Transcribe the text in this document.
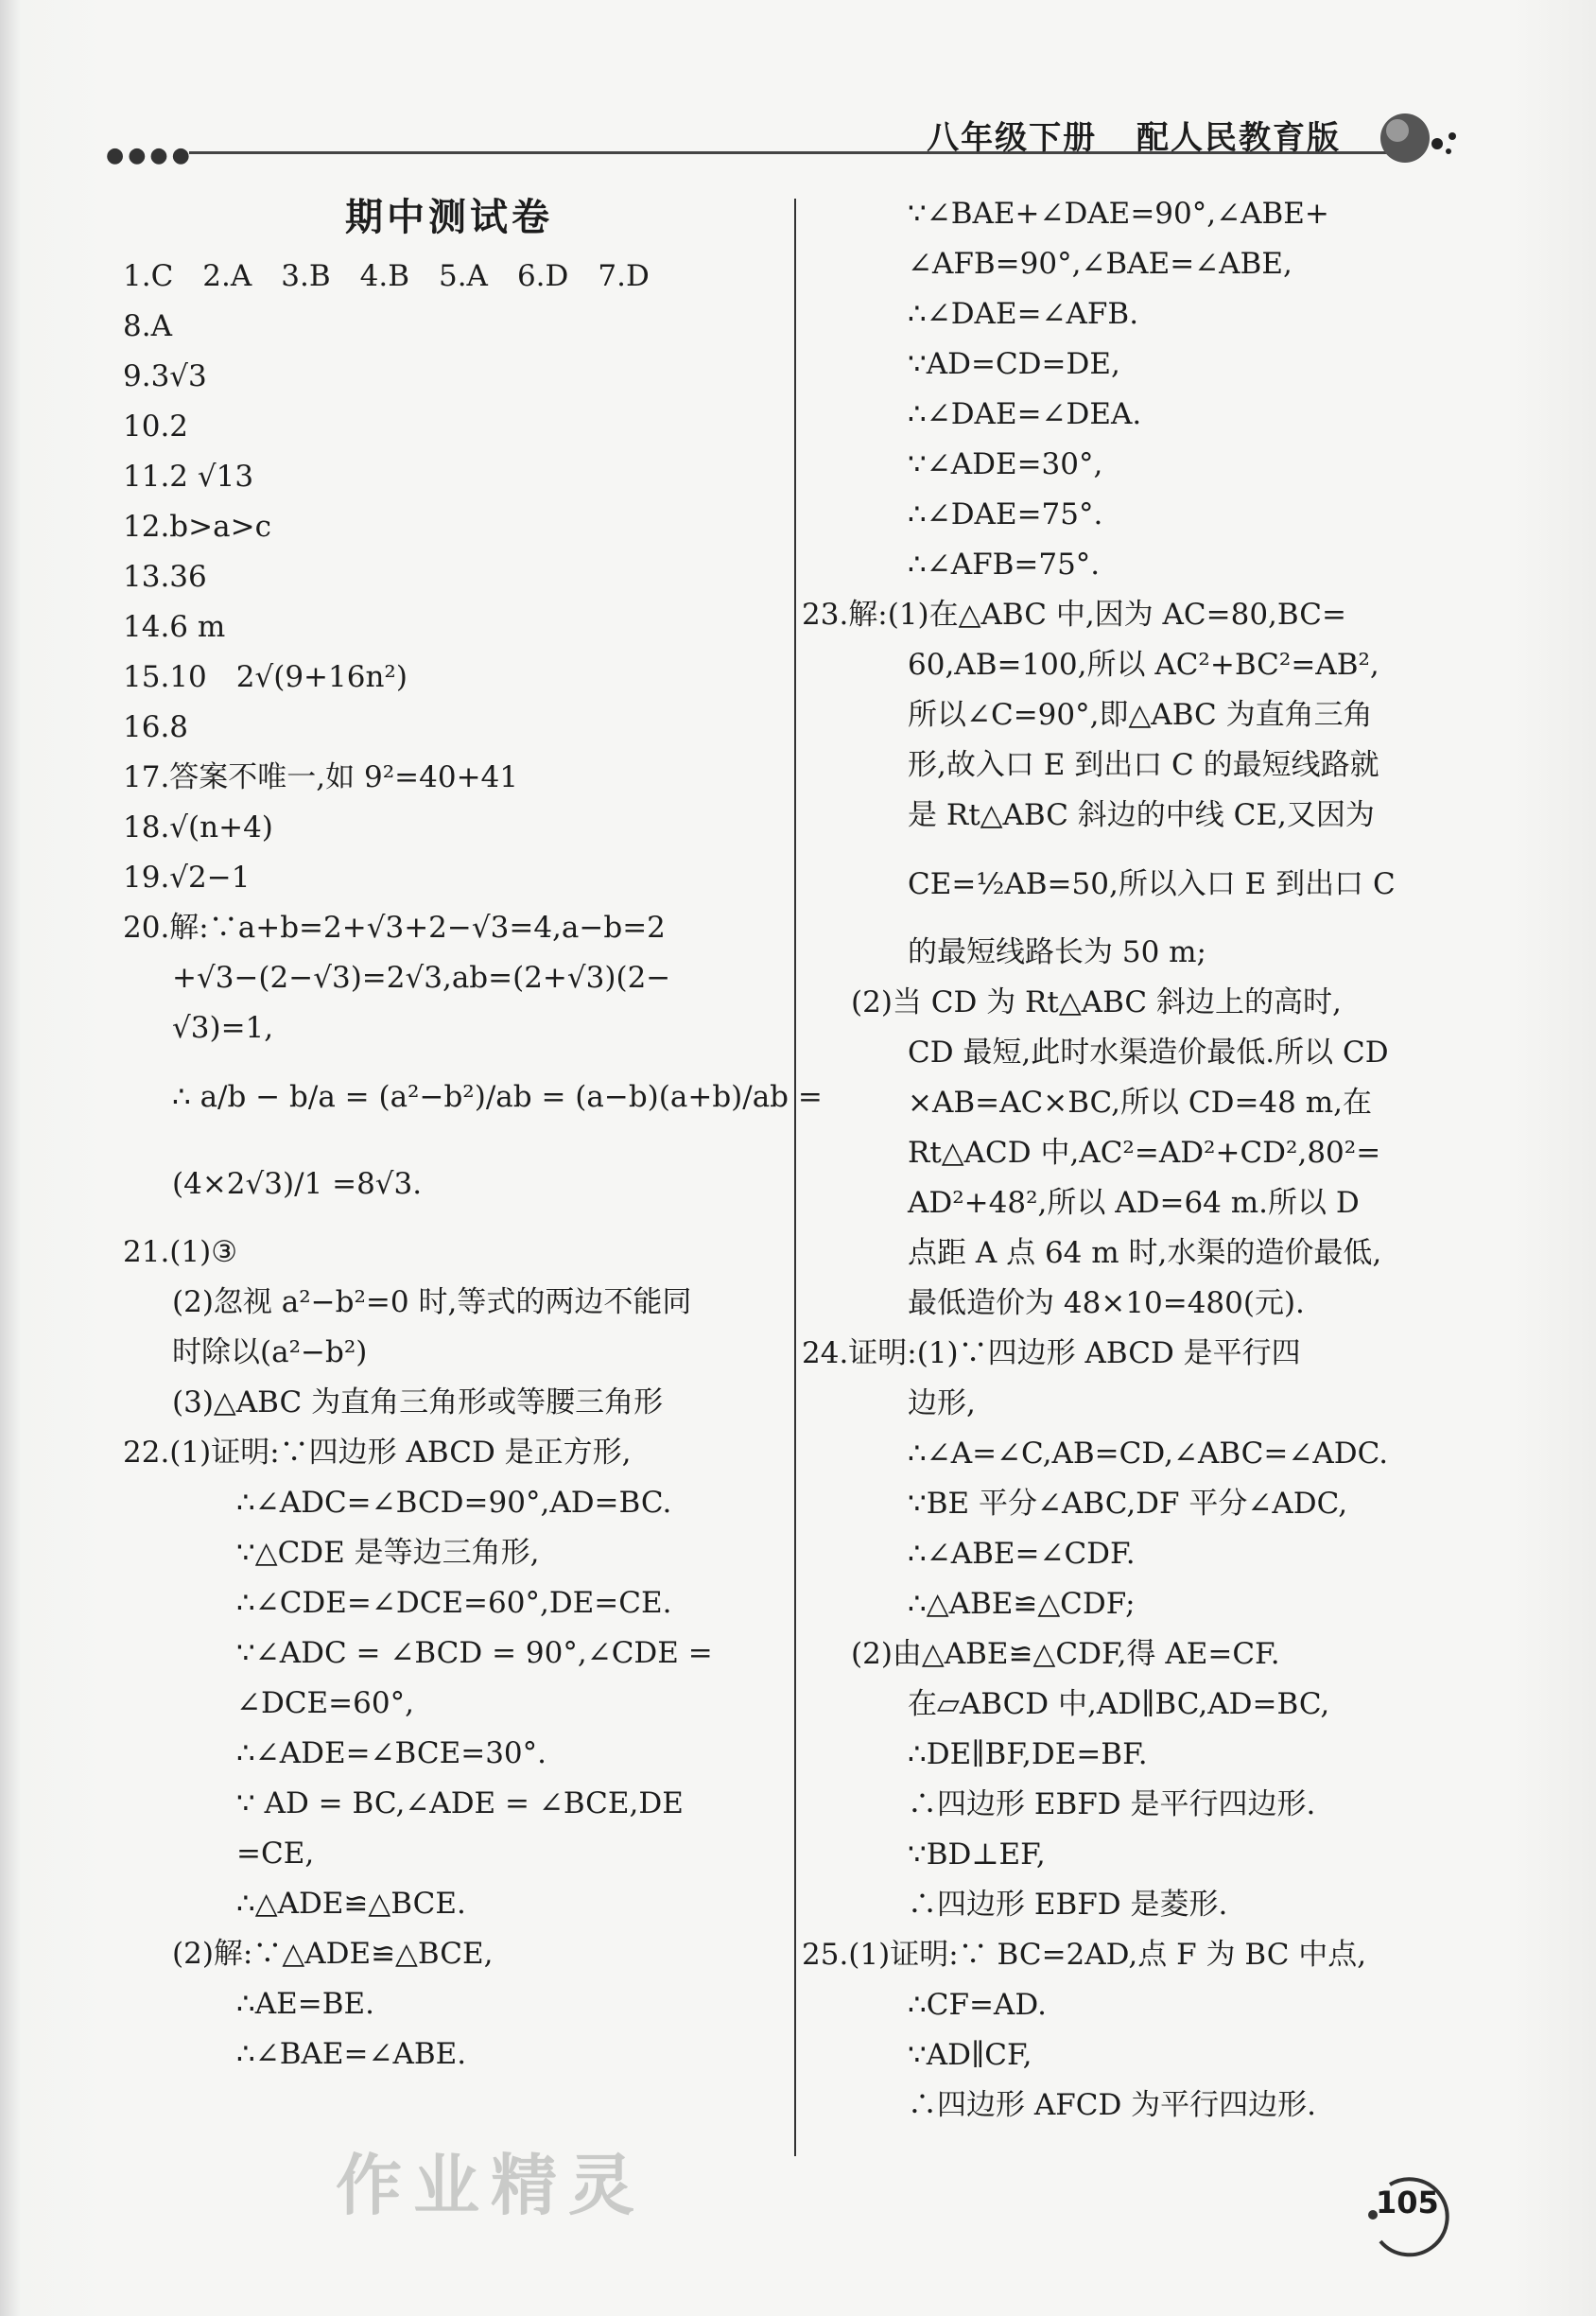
●●●●	八年级下册 配人民教育版
期中测试卷
1.C　2.A　3.B　4.B　5.A　6.D　7.D
8.A
9.3√3
10.2
11.2 √13
12.b>a>c
13.36
14.6 m
15.10　2√(9+16n²)
16.8
17.答案不唯一,如 9²=40+41
18.√(n+4)
19.√2−1
20.解:∵a+b=2+√3+2−√3=4,a−b=2
+√3−(2−√3)=2√3,ab=(2+√3)(2−
√3)=1,
∴ a/b − b/a = (a²−b²)/ab = (a−b)(a+b)/ab =
(4×2√3)/1 =8√3.
21.(1)③
(2)忽视 a²−b²=0 时,等式的两边不能同
时除以(a²−b²)
(3)△ABC 为直角三角形或等腰三角形
22.(1)证明:∵四边形 ABCD 是正方形,
∴∠ADC=∠BCD=90°,AD=BC.
∵△CDE 是等边三角形,
∴∠CDE=∠DCE=60°,DE=CE.
∵∠ADC = ∠BCD = 90°,∠CDE =
∠DCE=60°,
∴∠ADE=∠BCE=30°.
∵ AD = BC,∠ADE = ∠BCE,DE
=CE,
∴△ADE≌△BCE.
(2)解:∵△ADE≌△BCE,
∴AE=BE.
∴∠BAE=∠ABE.
∵∠BAE+∠DAE=90°,∠ABE+
∠AFB=90°,∠BAE=∠ABE,
∴∠DAE=∠AFB.
∵AD=CD=DE,
∴∠DAE=∠DEA.
∵∠ADE=30°,
∴∠DAE=75°.
∴∠AFB=75°.
23.解:(1)在△ABC 中,因为 AC=80,BC=
60,AB=100,所以 AC²+BC²=AB²,
所以∠C=90°,即△ABC 为直角三角
形,故入口 E 到出口 C 的最短线路就
是 Rt△ABC 斜边的中线 CE,又因为
CE=½AB=50,所以入口 E 到出口 C
的最短线路长为 50 m;
(2)当 CD 为 Rt△ABC 斜边上的高时,
CD 最短,此时水渠造价最低.所以 CD
×AB=AC×BC,所以 CD=48 m,在
Rt△ACD 中,AC²=AD²+CD²,80²=
AD²+48²,所以 AD=64 m.所以 D
点距 A 点 64 m 时,水渠的造价最低,
最低造价为 48×10=480(元).
24.证明:(1)∵四边形 ABCD 是平行四
边形,
∴∠A=∠C,AB=CD,∠ABC=∠ADC.
∵BE 平分∠ABC,DF 平分∠ADC,
∴∠ABE=∠CDF.
∴△ABE≌△CDF;
(2)由△ABE≌△CDF,得 AE=CF.
在▱ABCD 中,AD∥BC,AD=BC,
∴DE∥BF,DE=BF.
∴四边形 EBFD 是平行四边形.
∵BD⊥EF,
∴四边形 EBFD 是菱形.
25.(1)证明:∵ BC=2AD,点 F 为 BC 中点,
∴CF=AD.
∵AD∥CF,
∴四边形 AFCD 为平行四边形.
作业精灵	105
